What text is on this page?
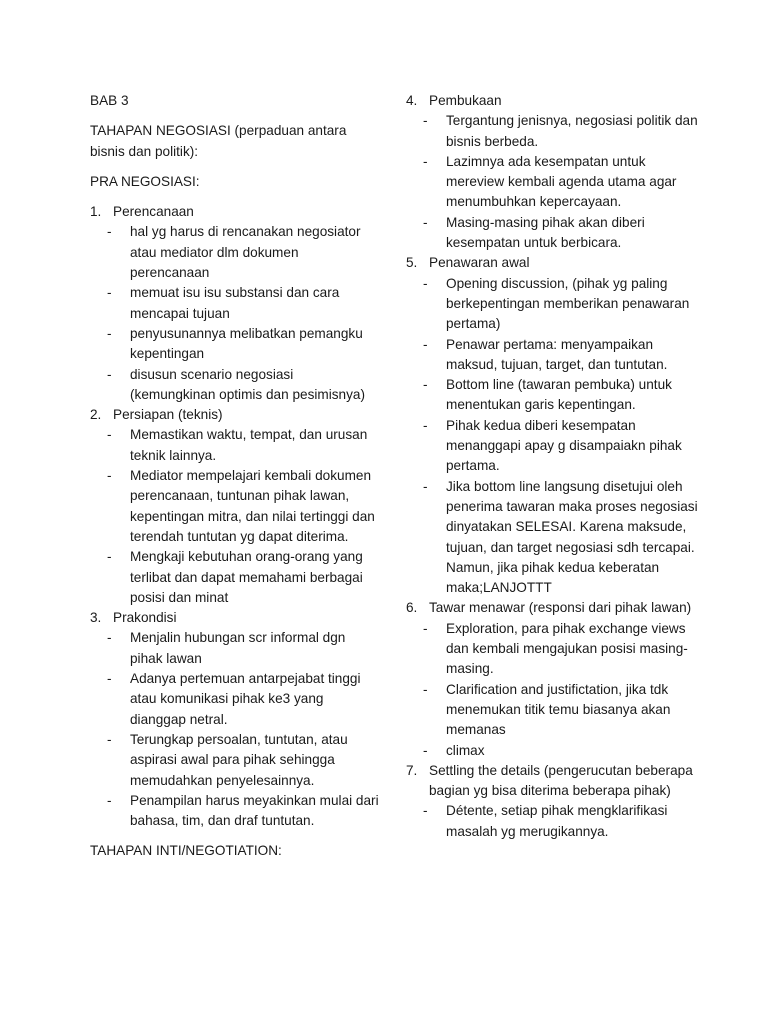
BAB 3

TAHAPAN NEGOSIASI (perpaduan antara bisnis dan politik):

PRA NEGOSIASI:

1. Perencanaan
- hal yg harus di rencanakan negosiator atau mediator dlm dokumen perencanaan
- memuat isu isu substansi dan cara mencapai tujuan
- penyusunannya melibatkan pemangku kepentingan
- disusun scenario negosiasi (kemungkinan optimis dan pesimisnya)
2. Persiapan (teknis)
- Memastikan waktu, tempat, dan urusan teknik lainnya.
- Mediator mempelajari kembali dokumen perencanaan, tuntunan pihak lawan, kepentingan mitra, dan nilai tertinggi dan terendah tuntutan yg dapat diterima.
- Mengkaji kebutuhan orang-orang yang terlibat dan dapat memahami berbagai posisi dan minat
3. Prakondisi
- Menjalin hubungan scr informal dgn pihak lawan
- Adanya pertemuan antarpejabat tinggi atau komunikasi pihak ke3 yang dianggap netral.
- Terungkap persoalan, tuntutan, atau aspirasi awal para pihak sehingga memudahkan penyelesainnya.
- Penampilan harus meyakinkan mulai dari bahasa, tim, dan draf tuntutan.

TAHAPAN INTI/NEGOTIATION:

4. Pembukaan
- Tergantung jenisnya, negosiasi politik dan bisnis berbeda.
- Lazimnya ada kesempatan untuk mereview kembali agenda utama agar menumbuhkan kepercayaan.
- Masing-masing pihak akan diberi kesempatan untuk berbicara.
5. Penawaran awal
- Opening discussion, (pihak yg paling berkepentingan memberikan penawaran pertama)
- Penawar pertama: menyampaikan maksud, tujuan, target, dan tuntutan.
- Bottom line (tawaran pembuka) untuk menentukan garis kepentingan.
- Pihak kedua diberi kesempatan menanggapi apay g disampaiakn pihak pertama.
- Jika bottom line langsung disetujui oleh penerima tawaran maka proses negosiasi dinyatakan SELESAI. Karena maksude, tujuan, dan target negosiasi sdh tercapai. Namun, jika pihak kedua keberatan maka;LANJOTTT
6. Tawar menawar (responsi dari pihak lawan)
- Exploration, para pihak exchange views dan kembali mengajukan posisi masing-masing.
- Clarification and justifictation, jika tdk menemukan titik temu biasanya akan memanas
- climax
7. Settling the details (pengerucutan beberapa bagian yg bisa diterima beberapa pihak)
- Détente, setiap pihak mengklarifikasi masalah yg merugikannya.
